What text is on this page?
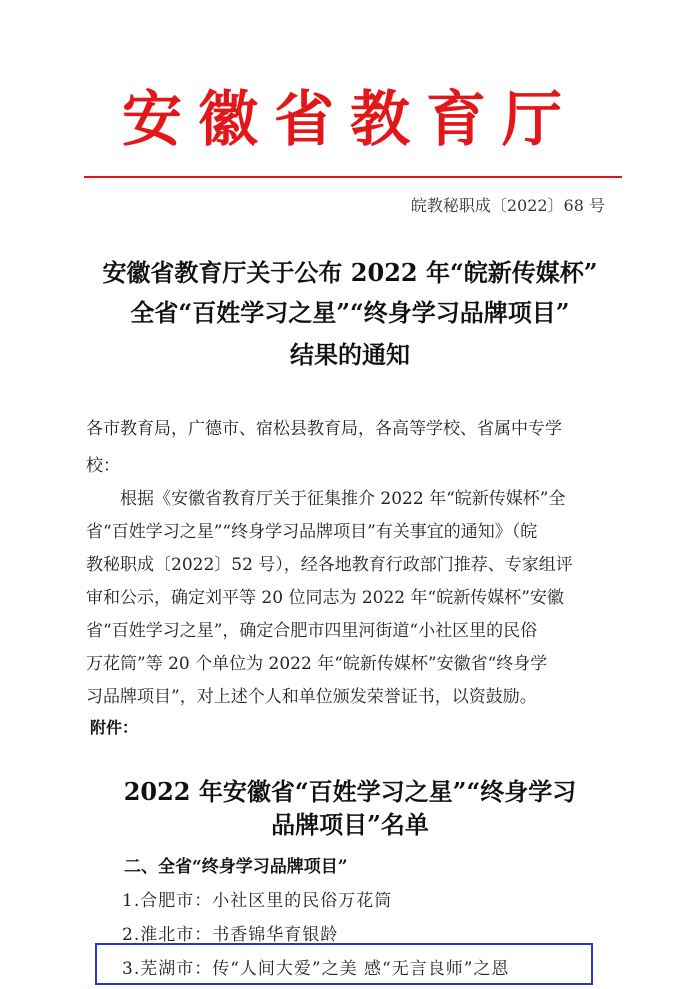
安徽省教育厅
皖教秘职成〔2022〕68 号
安徽省教育厅关于公布 2022 年“皖新传媒杯”
全省“百姓学习之星”“终身学习品牌项目”
结果的通知
各市教育局，广德市、宿松县教育局，各高等学校、省属中专学
校：
　　根据《安徽省教育厅关于征集推介 2022 年“皖新传媒杯”全
省“百姓学习之星”“终身学习品牌项目”有关事宜的通知》（皖
教秘职成〔2022〕52 号），经各地教育行政部门推荐、专家组评
审和公示，确定刘平等 20 位同志为 2022 年“皖新传媒杯”安徽
省“百姓学习之星”，确定合肥市四里河街道“小社区里的民俗
万花筒”等 20 个单位为 2022 年“皖新传媒杯”安徽省“终身学
习品牌项目”，对上述个人和单位颁发荣誉证书，以资鼓励。
附件：
2022 年安徽省“百姓学习之星”“终身学习
品牌项目”名单
二、全省“终身学习品牌项目”
1.合肥市：小社区里的民俗万花筒
2.淮北市：书香锦华育银龄
3.芜湖市：传“人间大爱”之美 感“无言良师”之恩
